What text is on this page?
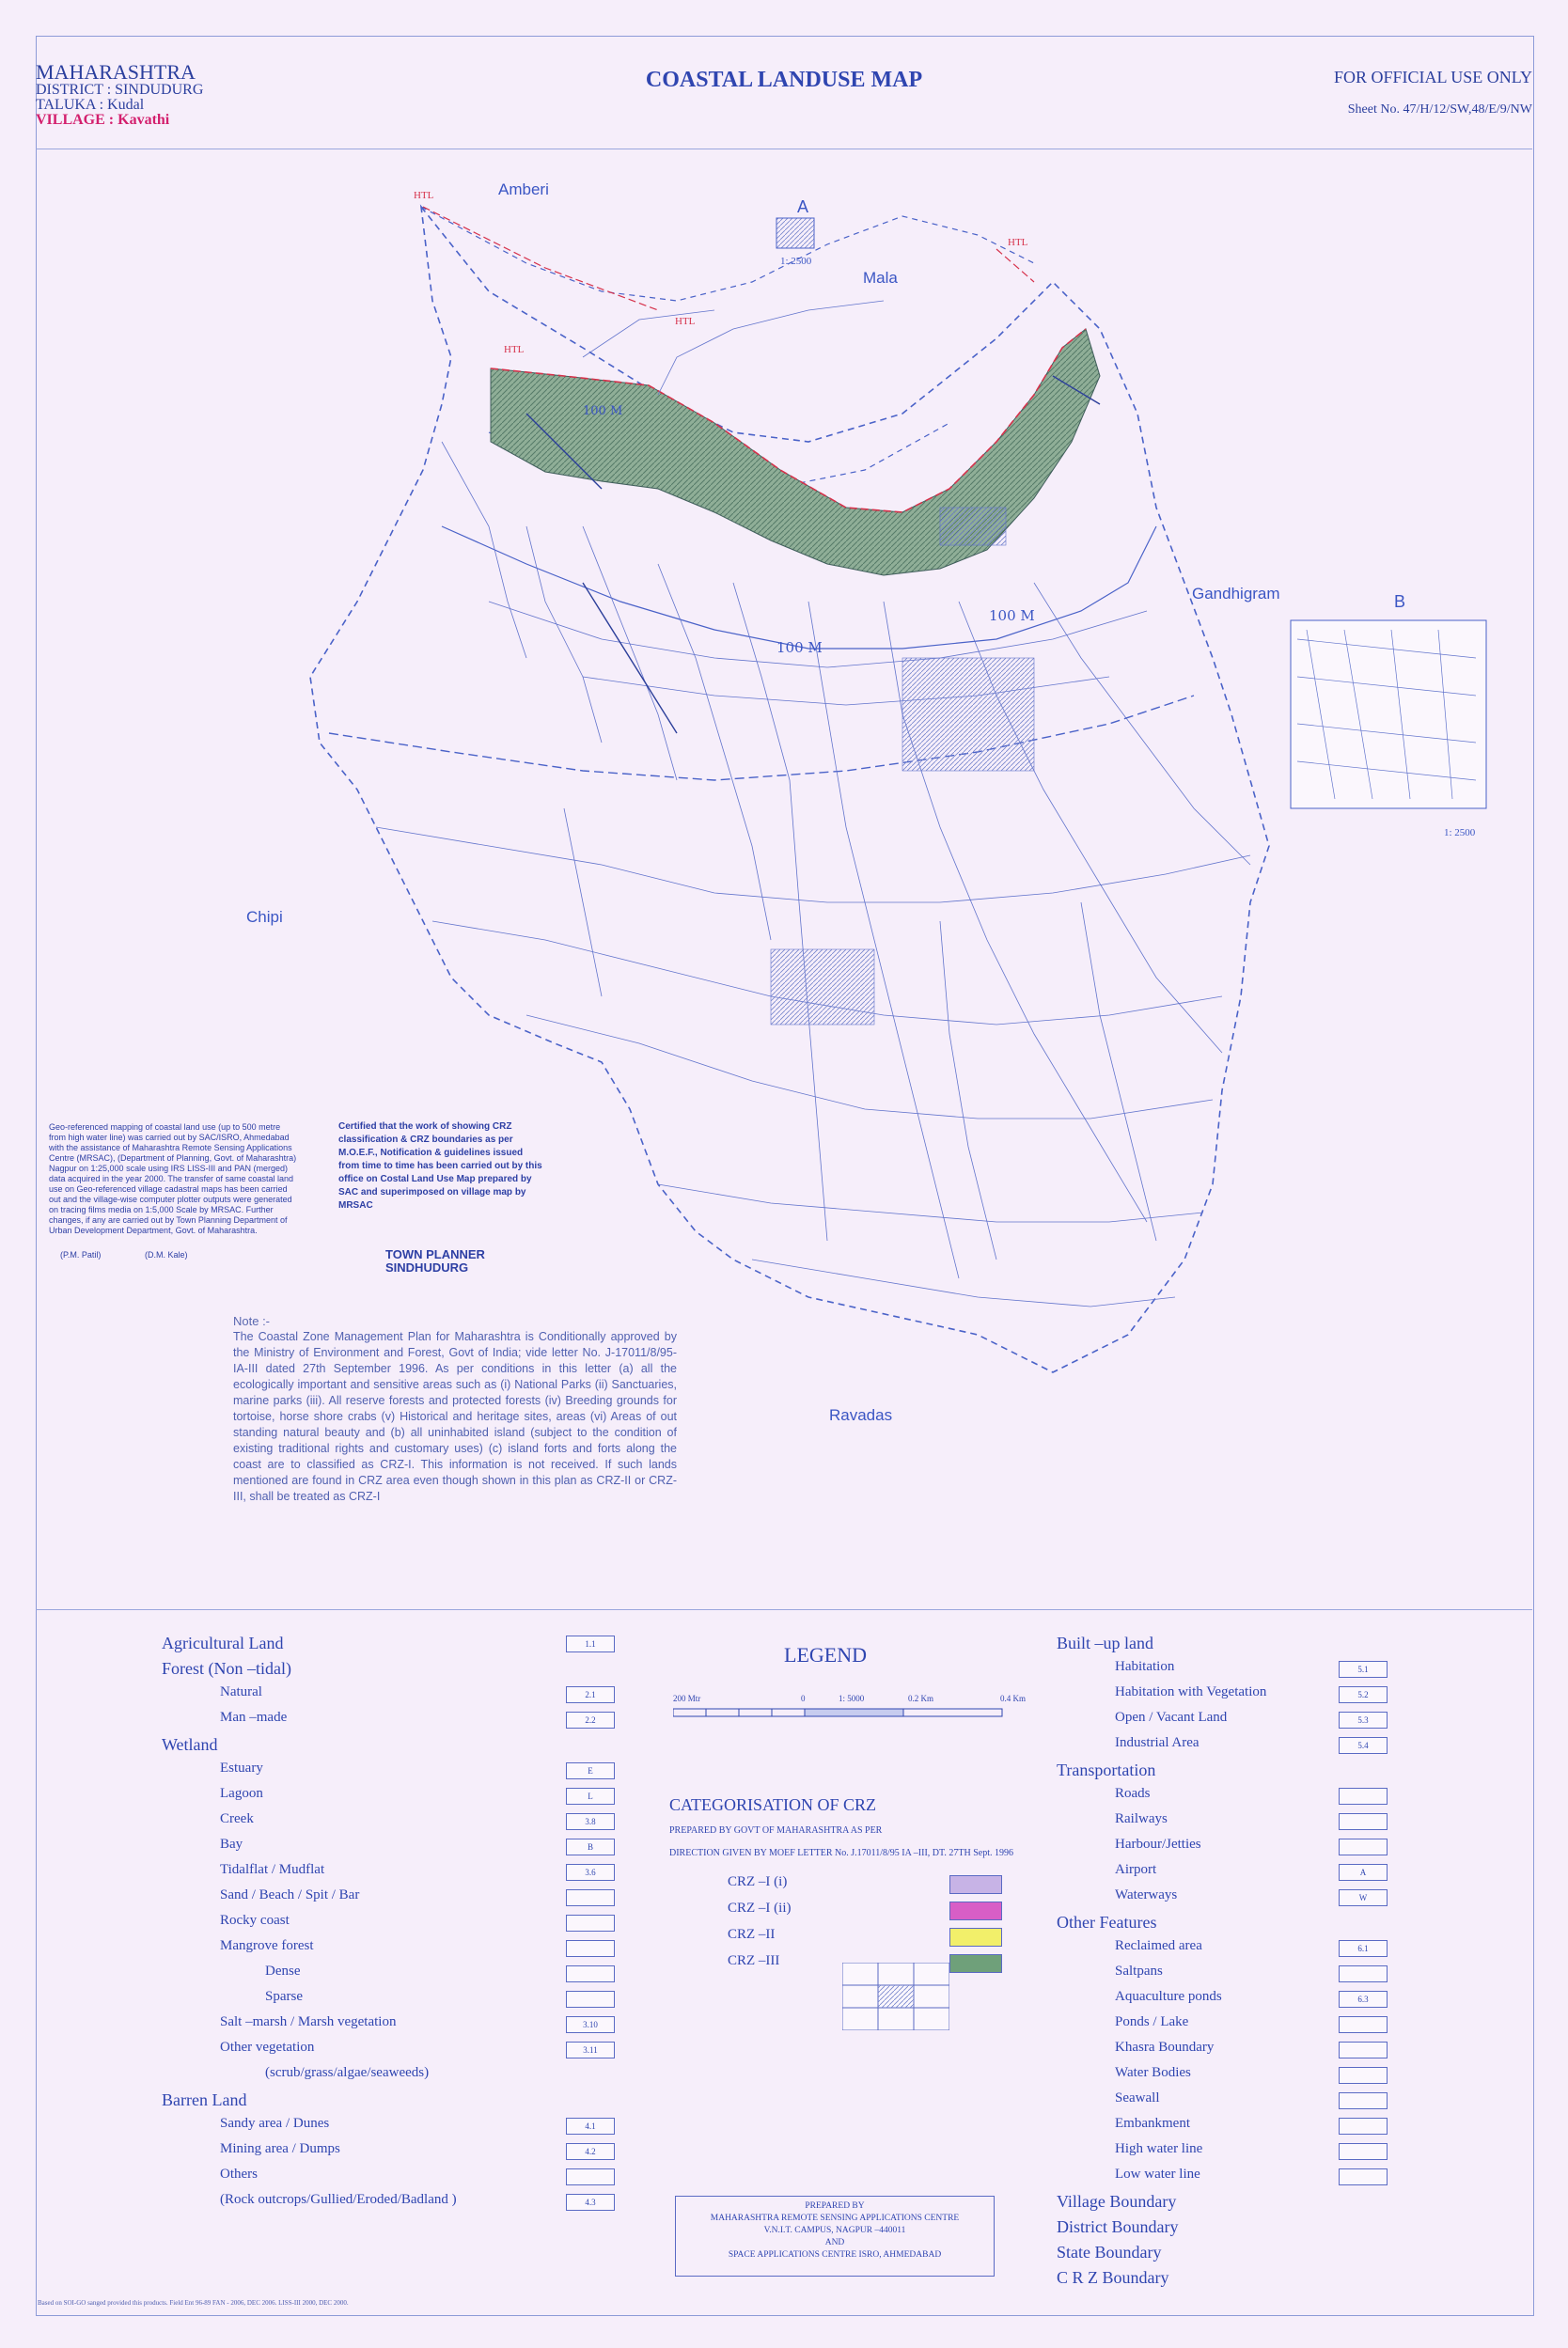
MAHARASHTRA
DISTRICT : SINDUDURG
TALUKA : Kudal
VILLAGE : Kavathi
COASTAL LANDUSE MAP	FOR OFFICIAL USE ONLY
Sheet No. 47/H/12/SW,48/E/9/NW
Amberi
Mala
Gandhigram
Chipi
Ravadas
A
1: 2500
B
1: 2500
HTL
HTL
HTL
HTL
100 M
100 M
100 M
Geo-referenced mapping of coastal land use (up to 500 metre from high water line) was carried out by SAC/ISRO, Ahmedabad with the assistance of Maharashtra Remote Sensing Applications Centre (MRSAC), (Department of Planning, Govt. of Maharashtra) Nagpur on 1:25,000 scale using IRS LISS-III and PAN (merged) data acquired in the year 2000. The transfer of same coastal land use on Geo-referenced village cadastral maps has been carried out and the village-wise computer plotter outputs were generated on tracing films media on 1:5,000 Scale by MRSAC. Further changes, if any are carried out by Town Planning Department of Urban Development Department, Govt. of Maharashtra.
Certified that the work of showing CRZ classification & CRZ boundaries as per M.O.E.F., Notification & guidelines issued from time to time has been carried out by this office on Costal Land Use Map prepared by SAC and superimposed on village map by MRSAC
(P.M. Patil)	(D.M. Kale)	TOWN PLANNER
SINDHUDURG
Note :-
The Coastal Zone Management Plan for Maharashtra is Conditionally approved by the Ministry of Environment and Forest, Govt of India; vide letter No. J-17011/8/95-IA-III dated 27th September 1996. As per conditions in this letter (a) all the ecologically important and sensitive areas such as (i) National Parks (ii) Sanctuaries, marine parks (iii). All reserve forests and protected forests (iv) Breeding grounds for tortoise, horse shore crabs (v) Historical and heritage sites, areas (vi) Areas of out standing natural beauty and (b) all uninhabited island (subject to the condition of existing traditional rights and customary uses) (c) island forts and forts along the coast are to classified as CRZ-I. This information is not received. If such lands mentioned are found in CRZ area even though shown in this plan as CRZ-II or CRZ-III, shall be treated as CRZ-I
LEGEND
200 Mtr	0	1: 5000	0.2 Km	0.4 Km
CATEGORISATION OF CRZ
PREPARED BY GOVT OF MAHARASHTRA AS PER
DIRECTION GIVEN BY MOEF LETTER No. J.17011/8/95 IA –III, DT. 27TH Sept. 1996
CRZ –I (i)
CRZ –I (ii)
CRZ –II
CRZ –III
PREPARED BY
MAHARASHTRA REMOTE SENSING APPLICATIONS CENTRE
V.N.I.T. CAMPUS, NAGPUR –440011
AND
SPACE APPLICATIONS CENTRE ISRO, AHMEDABAD
Agricultural Land	1.1
Forest (Non –tidal)
Natural	2.1
Man –made	2.2
Wetland
Estuary	E
Lagoon	L
Creek	3.8
Bay	B
Tidalflat / Mudflat	3.6
Sand / Beach / Spit / Bar
Rocky coast
Mangrove forest
Dense
Sparse
Salt –marsh / Marsh vegetation	3.10
Other vegetation	3.11
(scrub/grass/algae/seaweeds)
Barren Land
Sandy area / Dunes	4.1
Mining area / Dumps	4.2
Others
(Rock outcrops/Gullied/Eroded/Badland )	4.3
Built –up land
Habitation	5.1
Habitation with Vegetation	5.2
Open / Vacant Land	5.3
Industrial Area	5.4
Transportation
Roads
Railways
Harbour/Jetties
Airport	A
Waterways	W
Other Features
Reclaimed area	6.1
Saltpans
Aquaculture ponds	6.3
Ponds / Lake
Khasra Boundary
Water Bodies
Seawall
Embankment
High water line
Low water line
Village Boundary
District Boundary
State Boundary
C R Z Boundary
Based on SOI-GO sanged provided this products. Field Ent 96-89 FAN - 2006, DEC 2006. LISS-III 2000, DEC 2000.
